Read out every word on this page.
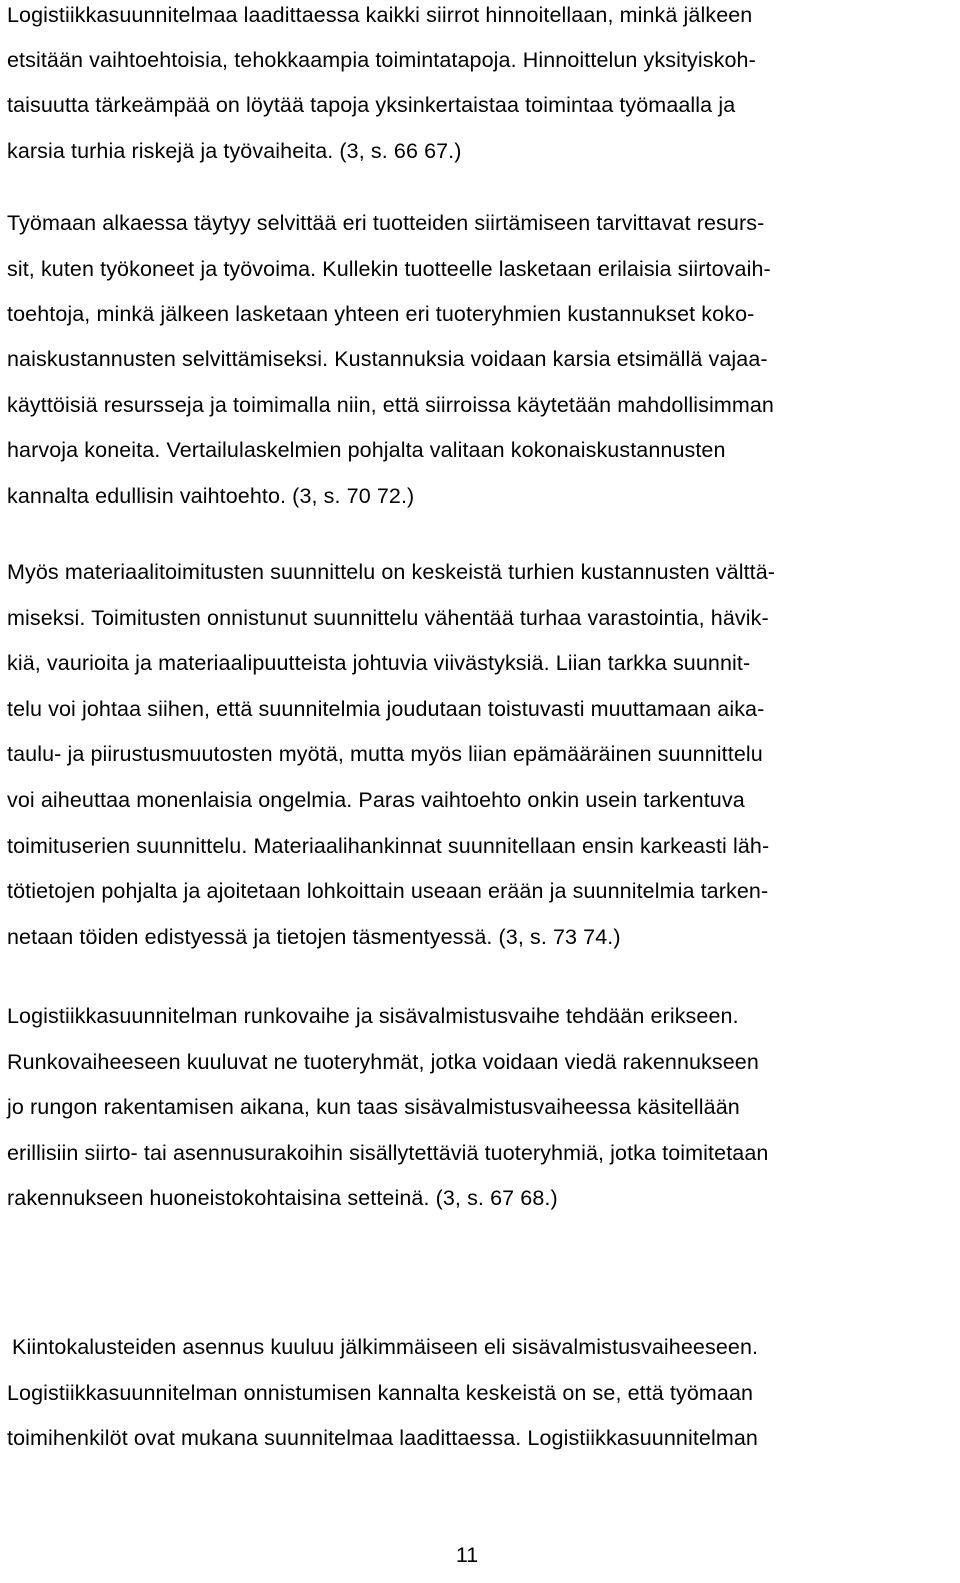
Logistiikkasuunnitelmaa laadittaessa kaikki siirrot hinnoitellaan, minkä jälkeen
etsitään vaihtoehtoisia, tehokkaampia toimintatapoja. Hinnoittelun yksityiskoh-
taisuutta tärkeämpää on löytää tapoja yksinkertaistaa toimintaa työmaalla ja
karsia turhia riskejä ja työvaiheita. (3, s. 66 67.)
Työmaan alkaessa täytyy selvittää eri tuotteiden siirtämiseen tarvittavat resurs-
sit, kuten työkoneet ja työvoima. Kullekin tuotteelle lasketaan erilaisia siirtovaih-
toehtoja, minkä jälkeen lasketaan yhteen eri tuoteryhmien kustannukset koko-
naiskustannusten selvittämiseksi. Kustannuksia voidaan karsia etsimällä vajaa-
käyttöisiä resursseja ja toimimalla niin, että siirroissa käytetään mahdollisimman
harvoja koneita. Vertailulaskelmien pohjalta valitaan kokonaiskustannusten
kannalta edullisin vaihtoehto. (3, s. 70 72.)
Myös materiaalitoimitusten suunnittelu on keskeistä turhien kustannusten välttä-
miseksi. Toimitusten onnistunut suunnittelu vähentää turhaa varastointia, hävik-
kiä, vaurioita ja materiaalipuutteista johtuvia viivästyksiä. Liian tarkka suunnit-
telu voi johtaa siihen, että suunnitelmia joudutaan toistuvasti muuttamaan aika-
taulu- ja piirustusmuutosten myötä, mutta myös liian epämääräinen suunnittelu
voi aiheuttaa monenlaisia ongelmia. Paras vaihtoehto onkin usein tarkentuva
toimituserien suunnittelu. Materiaalihankinnat suunnitellaan ensin karkeasti läh-
tötietojen pohjalta ja ajoitetaan lohkoittain useaan erään ja suunnitelmia tarken-
netaan töiden edistyessä ja tietojen täsmentyessä. (3, s. 73 74.)
Logistiikkasuunnitelman runkovaihe ja sisävalmistusvaihe tehdään erikseen.
Runkovaiheeseen kuuluvat ne tuoteryhmät, jotka voidaan viedä rakennukseen
jo rungon rakentamisen aikana, kun taas sisävalmistusvaiheessa käsitellään
erillisiin siirto- tai asennusurakoihin sisällytettäviä tuoteryhmiä, jotka toimitetaan
rakennukseen huoneistokohtaisina setteinä. (3, s. 67 68.)
Kiintokalusteiden asennus kuuluu jälkimmäiseen eli sisävalmistusvaiheeseen.
Logistiikkasuunnitelman onnistumisen kannalta keskeistä on se, että työmaan
toimihenkilöt ovat mukana suunnitelmaa laadittaessa. Logistiikkasuunnitelman
11
